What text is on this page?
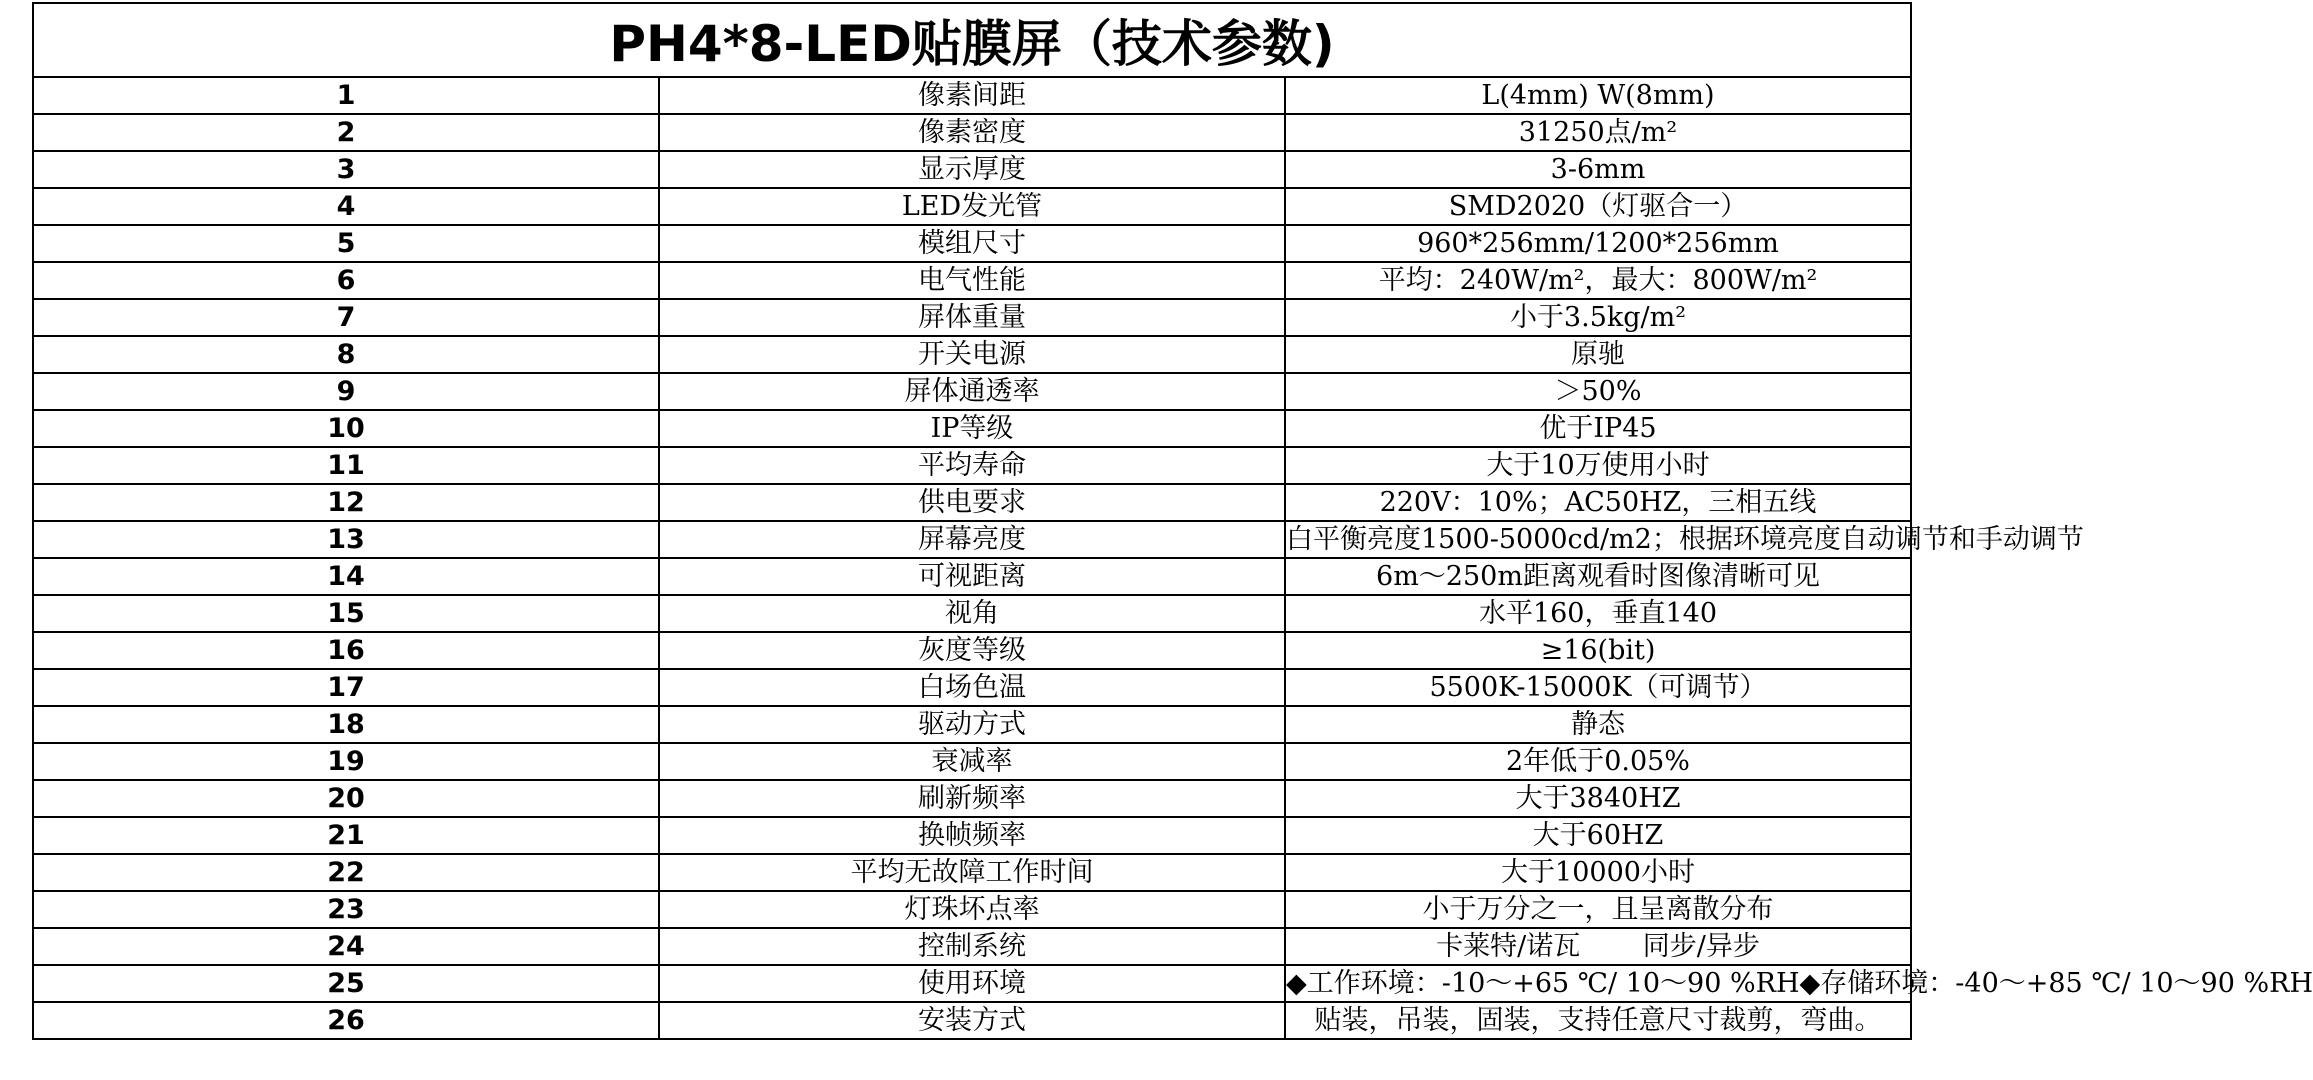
PH4*8-LED贴膜屏（技术参数)		
1	像素间距	L(4mm) W(8mm)
2	像素密度	31250点/m²
3	显示厚度	3-6mm
4	LED发光管	SMD2020（灯驱合一）
5	模组尺寸	960*256mm/1200*256mm
6	电气性能	平均：240W/m²，最大：800W/m²
7	屏体重量	小于3.5kg/m²
8	开关电源	原驰
9	屏体通透率	＞50%
10	IP等级	优于IP45
11	平均寿命	大于10万使用小时
12	供电要求	220V：10%；AC50HZ，三相五线
13	屏幕亮度	白平衡亮度1500-5000cd/m2；根据环境亮度自动调节和手动调节
14	可视距离	6m～250m距离观看时图像清晰可见
15	视角	水平160，垂直140
16	灰度等级	≥16(bit)
17	白场色温	5500K-15000K（可调节）
18	驱动方式	静态
19	衰减率	2年低于0.05%
20	刷新频率	大于3840HZ
21	换帧频率	大于60HZ
22	平均无故障工作时间	大于10000小时
23	灯珠坏点率	小于万分之一，且呈离散分布
24	控制系统	卡莱特/诺瓦　　 同步/异步
25	使用环境	◆工作环境：-10～+65 ℃/ 10～90 %RH◆存储环境：-40～+85 ℃/ 10～90 %RH
26	安装方式	贴装，吊装，固装，支持任意尺寸裁剪，弯曲。
